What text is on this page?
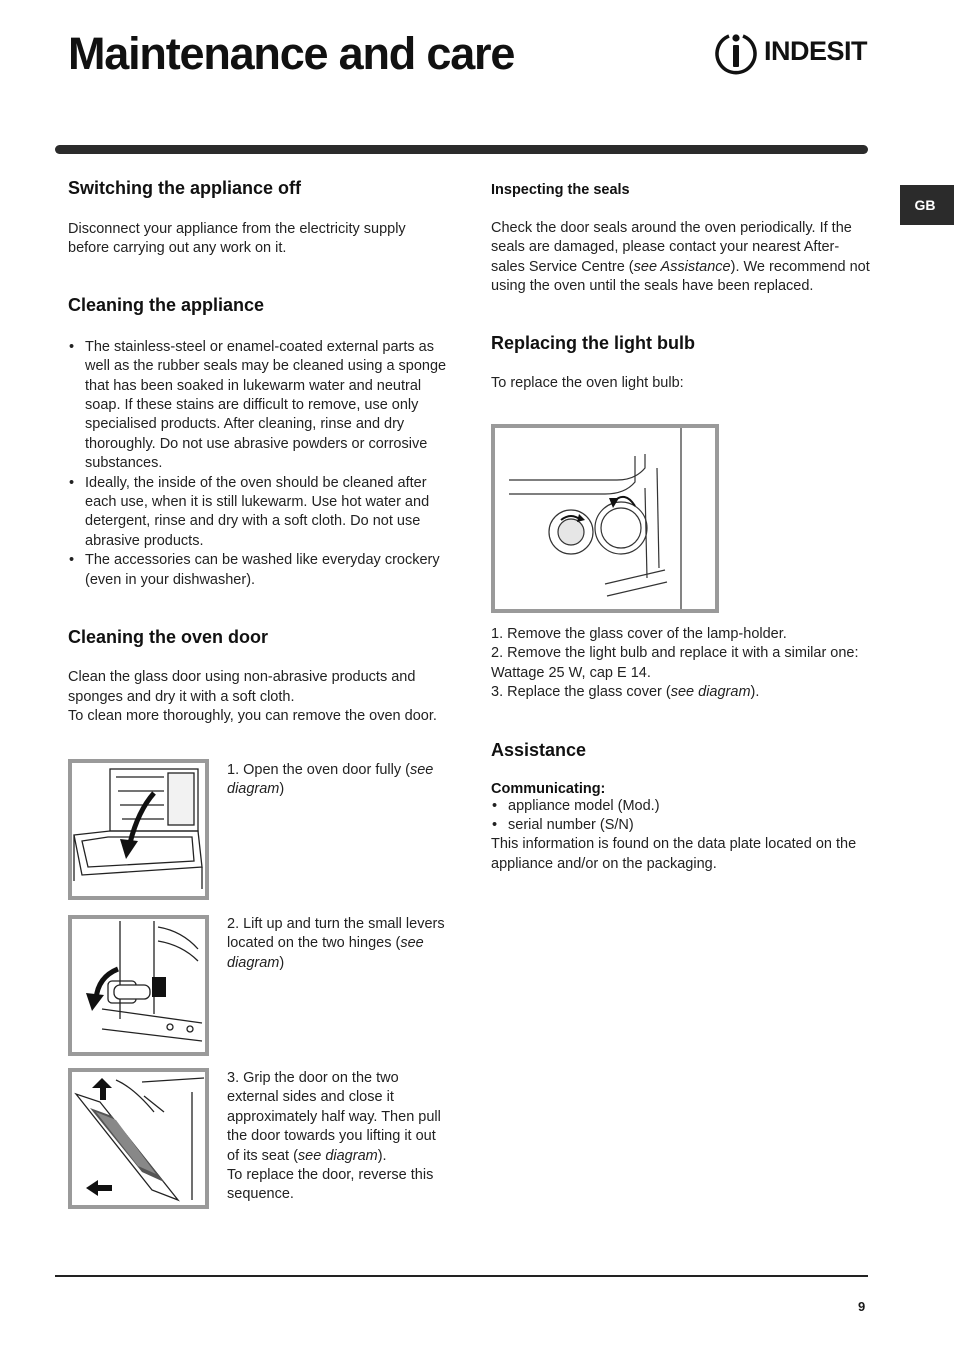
Maintenance and care	INDESIT
GB
Switching the appliance off

Disconnect your appliance from the electricity supply before carrying out any work on it.

Cleaning the appliance
• The stainless-steel or enamel-coated external parts as well as the rubber seals may be cleaned using a sponge that has been soaked in lukewarm water and neutral soap. If these stains are difficult to remove, use only specialised products. After cleaning, rinse and dry thoroughly. Do not use abrasive powders or corrosive substances.
• Ideally, the inside of the oven should be cleaned after each use, when it is still lukewarm. Use hot water and detergent, rinse and dry with a soft cloth. Do not use abrasive products.
• The accessories can be washed like everyday crockery (even in your dishwasher).
Cleaning the oven door

Clean the glass door using non-abrasive products and sponges and dry it with a soft cloth.

To clean more thoroughly, you can remove the oven door.

1. Open the oven door fully (see diagram)
2. Lift up and turn the small levers located on the two hinges (see diagram)
3. Grip the door on the two external sides and close it approximately half way. Then pull the door towards you lifting it out of its seat (see diagram).
To replace the door, reverse this sequence.
Inspecting the seals

Check the door seals around the oven periodically. If the seals are damaged, please contact your nearest After-sales Service Centre (see Assistance). We recommend not using the oven until the seals have been replaced.

Replacing the light bulb

To replace the oven light bulb:

1. Remove the glass cover of the lamp-holder.
2. Remove the light bulb and replace it with a similar one: Wattage 25 W, cap E 14.
3. Replace the glass cover (see diagram).
Assistance
Communicating:
• appliance model (Mod.)
• serial number (S/N)

This information is found on the data plate located on the appliance and/or on the packaging.

9
